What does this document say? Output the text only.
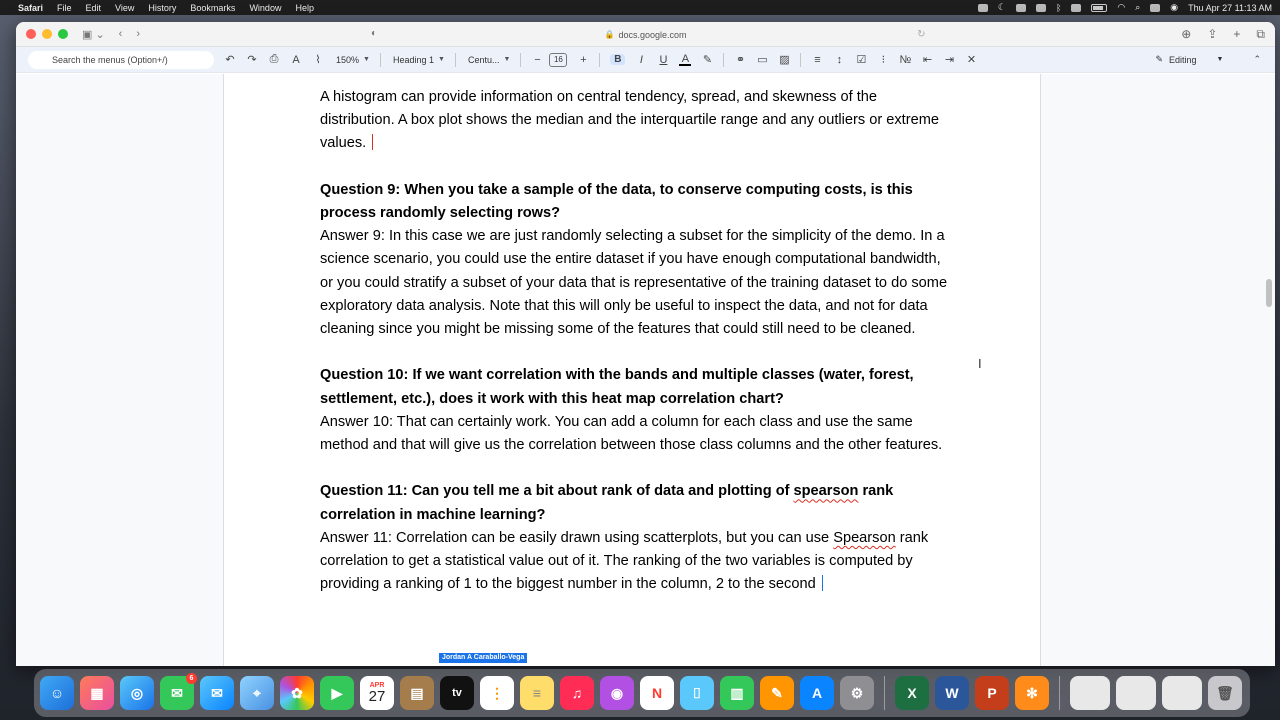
Safari File Edit View History Bookmarks Window Help	☾	ᛒ	◠ ⌕	◉ Thu Apr 27 11:13 AM
▣ ⌄ ‹ ›	◐	🔒 docs.google.com	↻	⊕ ⇪ + ⧉
Search the menus (Option+/)	↶ ↷ ⎙ A	⌇	150% ▼	Heading 1 ▼	Centu... ▼ −	16	+	B	I	U A ✎ ⚭ ▭ ▨ ≡ ↕ ☑	⁝	№ ⇤ ⇥ ✕	✎ Editing	▼	⌃

A histogram can provide information on central tendency, spread, and skewness of the distribution. A box plot shows the median and the interquartile range and any outliers or extreme values.

Question 9: When you take a sample of the data, to conserve computing costs, is this process randomly selecting rows?
Answer 9: In this case we are just randomly selecting a subset for the simplicity of the demo. In a science scenario, you could use the entire dataset if you have enough computational bandwidth, or you could stratify a subset of your data that is representative of the training dataset to do some exploratory data analysis. Note that this will only be useful to inspect the data, and not for data cleaning since you might be missing some of the features that could still need to be cleaned.

Question 10: If we want correlation with the bands and multiple classes (water, forest, settlement, etc.), does it work with this heat map correlation chart?
Answer 10: That can certainly work. You can add a column for each class and use the same method and that will give us the correlation between those class columns and the other features.

Question 11: Can you tell me a bit about rank of data and plotting of spearson rank correlation in machine learning?
Answer 11: Correlation can be easily drawn using scatterplots, but you can use Spearson rank correlation to get a statistical value out of it. The ranking of the two variables is computed by providing a ranking of 1 to the biggest number in the column, 2 to the second

Jordan A Caraballo-Vega
I
☺	▦	◎	✉
6
✉	⌖	✿	▶	APR
27	▤	tv	⋮	≡	♫	◉	N	⌷	▥	✎	A	⚙	X	W	P	✻	🗑
